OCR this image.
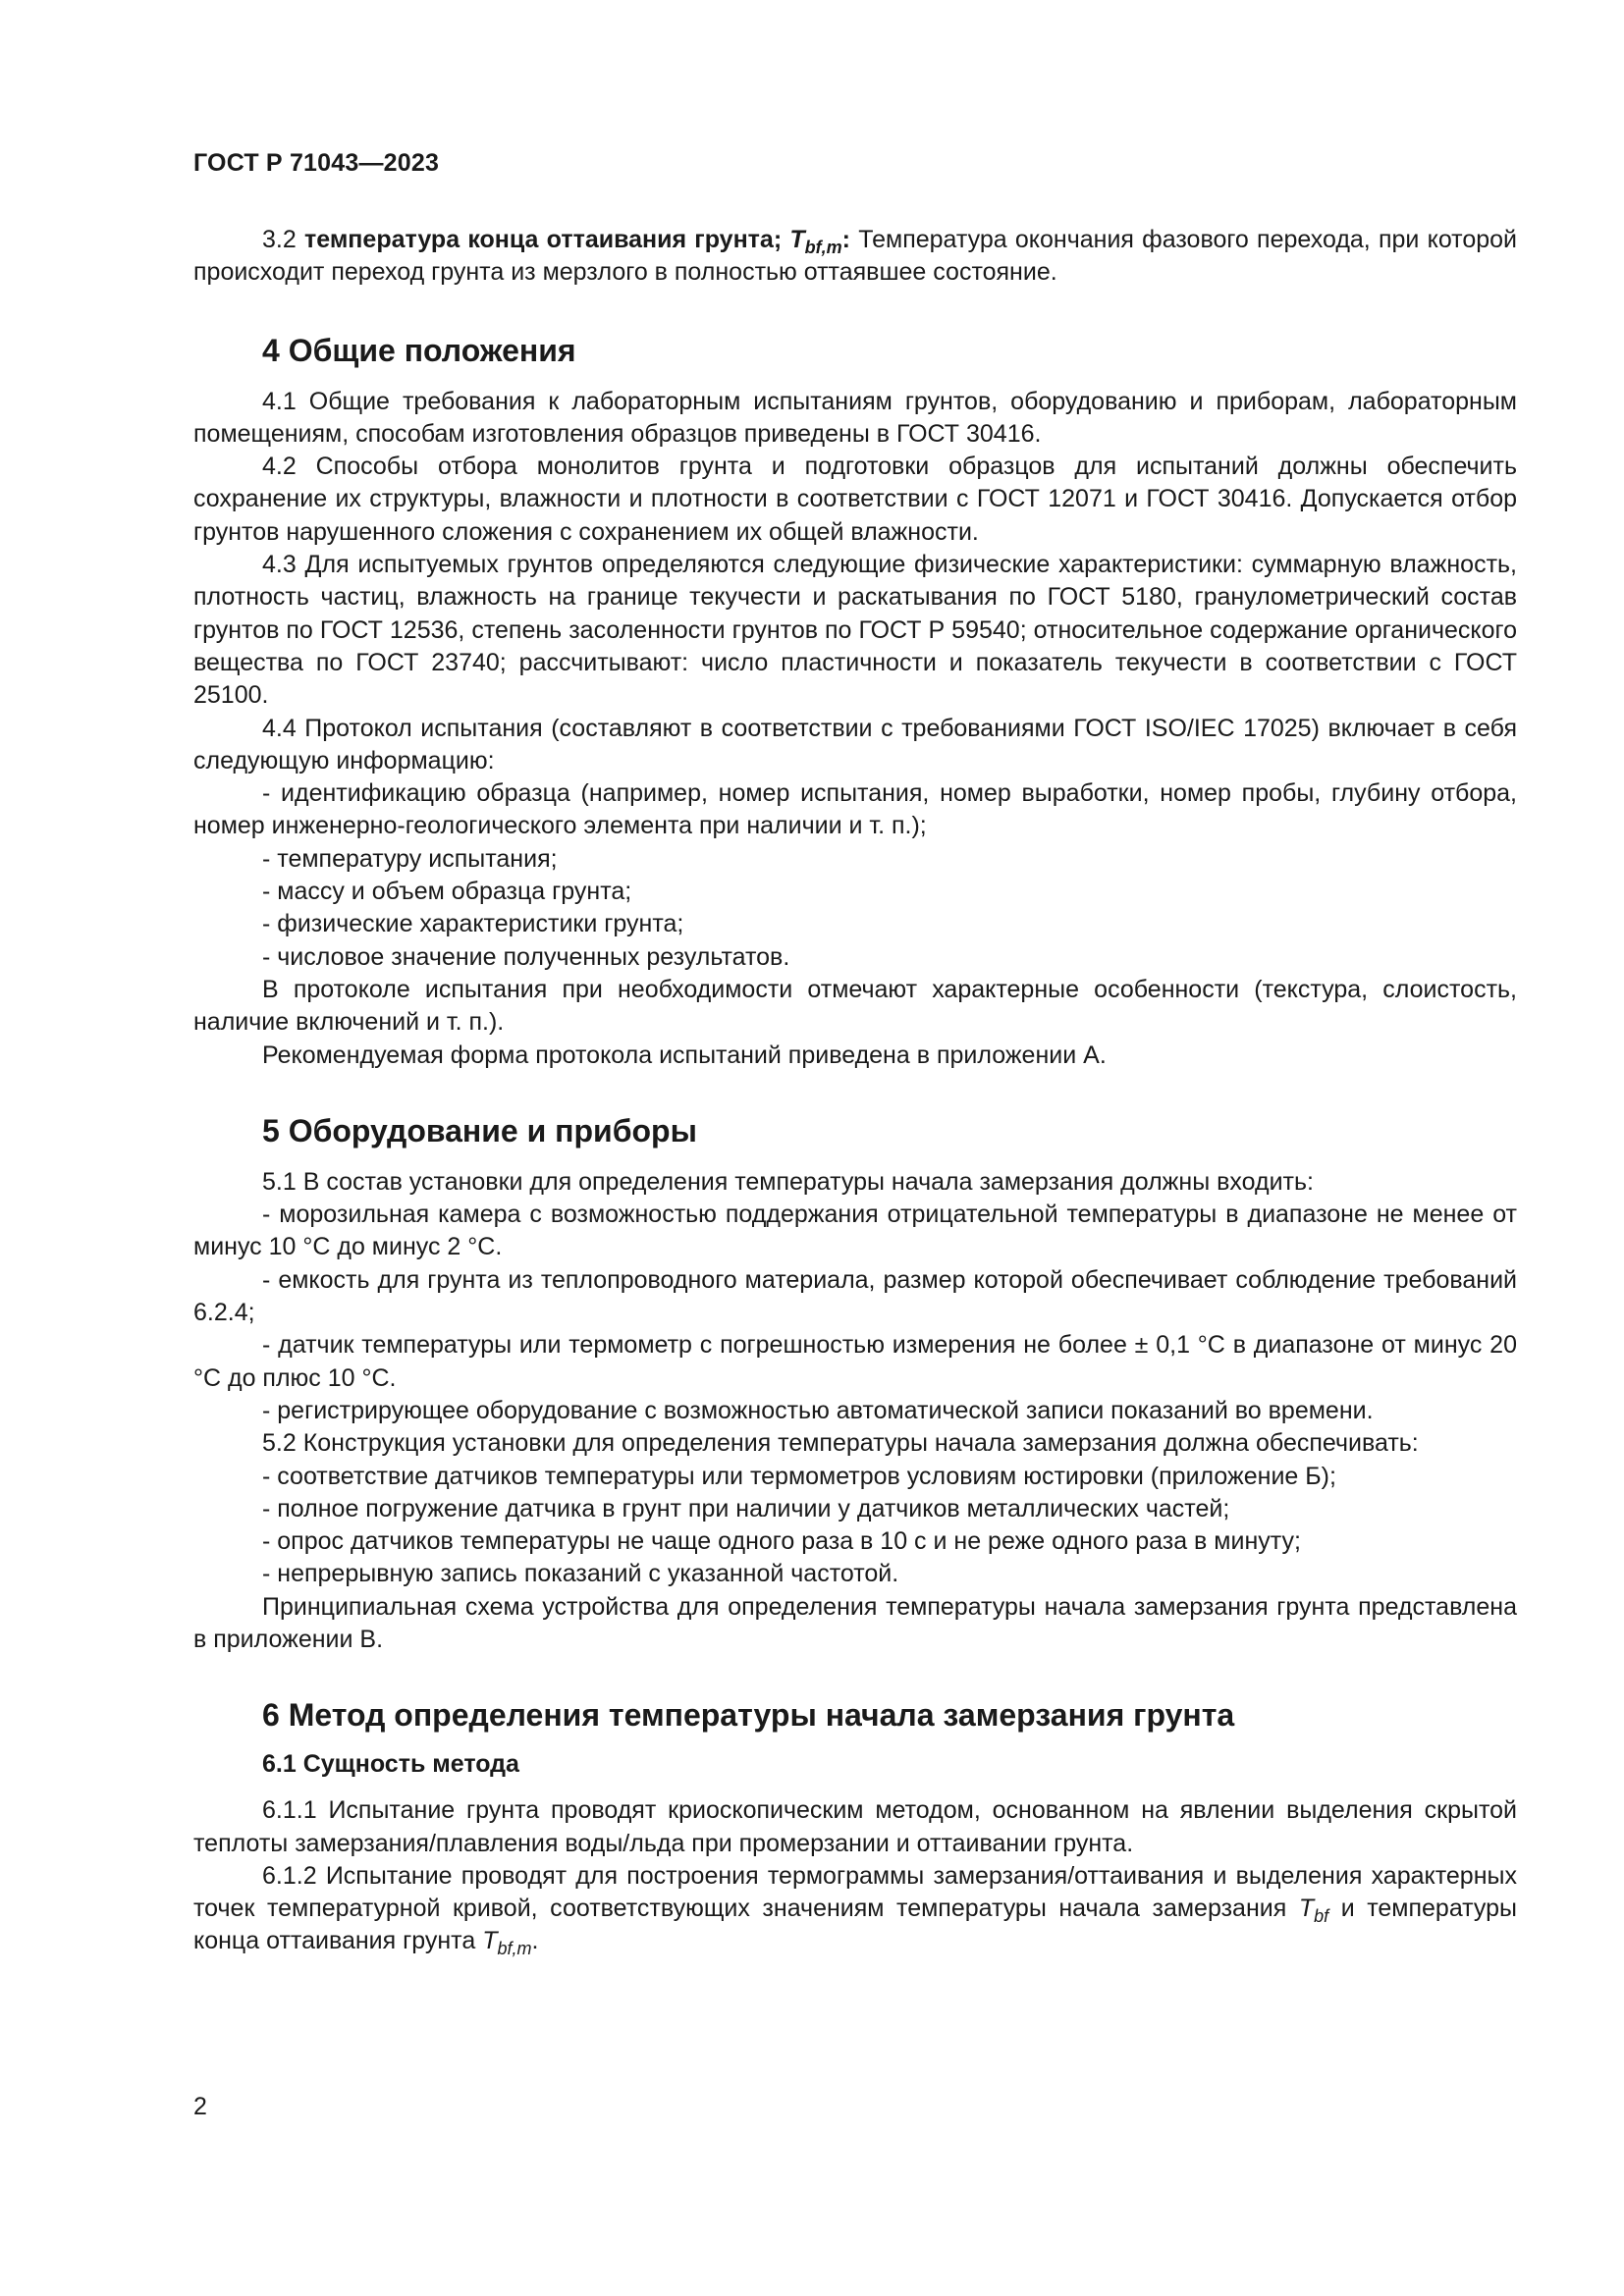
ГОСТ Р 71043—2023

3.2 температура конца оттаивания грунта; $T_{bf,m}$: Температура окончания фазового перехода, при которой происходит переход грунта из мерзлого в полностью оттаявшее состояние.

4 Общие положения

4.1 Общие требования к лабораторным испытаниям грунтов, оборудованию и приборам, лабораторным помещениям, способам изготовления образцов приведены в ГОСТ 30416.

4.2 Способы отбора монолитов грунта и подготовки образцов для испытаний должны обеспечить сохранение их структуры, влажности и плотности в соответствии с ГОСТ 12071 и ГОСТ 30416. Допускается отбор грунтов нарушенного сложения с сохранением их общей влажности.

4.3 Для испытуемых грунтов определяются следующие физические характеристики: суммарную влажность, плотность частиц, влажность на границе текучести и раскатывания по ГОСТ 5180, гранулометрический состав грунтов по ГОСТ 12536, степень засоленности грунтов по ГОСТ Р 59540; относительное содержание органического вещества по ГОСТ 23740; рассчитывают: число пластичности и показатель текучести в соответствии с ГОСТ 25100.

4.4 Протокол испытания (составляют в соответствии с требованиями ГОСТ ISO/IEC 17025) включает в себя следующую информацию:

- идентификацию образца (например, номер испытания, номер выработки, номер пробы, глубину отбора, номер инженерно-геологического элемента при наличии и т. п.);

- температуру испытания;

- массу и объем образца грунта;

- физические характеристики грунта;

- числовое значение полученных результатов.

В протоколе испытания при необходимости отмечают характерные особенности (текстура, слоистость, наличие включений и т. п.).

Рекомендуемая форма протокола испытаний приведена в приложении А.

5 Оборудование и приборы

5.1 В состав установки для определения температуры начала замерзания должны входить:

- морозильная камера с возможностью поддержания отрицательной температуры в диапазоне не менее от минус 10 °С до минус 2 °С.

- емкость для грунта из теплопроводного материала, размер которой обеспечивает соблюдение требований 6.2.4;

- датчик температуры или термометр с погрешностью измерения не более ± 0,1 °С в диапазоне от минус 20 °С до плюс 10 °С.

- регистрирующее оборудование с возможностью автоматической записи показаний во времени.

5.2 Конструкция установки для определения температуры начала замерзания должна обеспечивать:

- соответствие датчиков температуры или термометров условиям юстировки (приложение Б);

- полное погружение датчика в грунт при наличии у датчиков металлических частей;

- опрос датчиков температуры не чаще одного раза в 10 с и не реже одного раза в минуту;

- непрерывную запись показаний с указанной частотой.

Принципиальная схема устройства для определения температуры начала замерзания грунта представлена в приложении В.

6 Метод определения температуры начала замерзания грунта
6.1 Сущность метода

6.1.1 Испытание грунта проводят криоскопическим методом, основанном на явлении выделения скрытой теплоты замерзания/плавления воды/льда при промерзании и оттаивании грунта.

6.1.2 Испытание проводят для построения термограммы замерзания/оттаивания и выделения характерных точек температурной кривой, соответствующих значениям температуры начала замерзания $T_{bf}$ и температуры конца оттаивания грунта $T_{bf,m}$.

2
